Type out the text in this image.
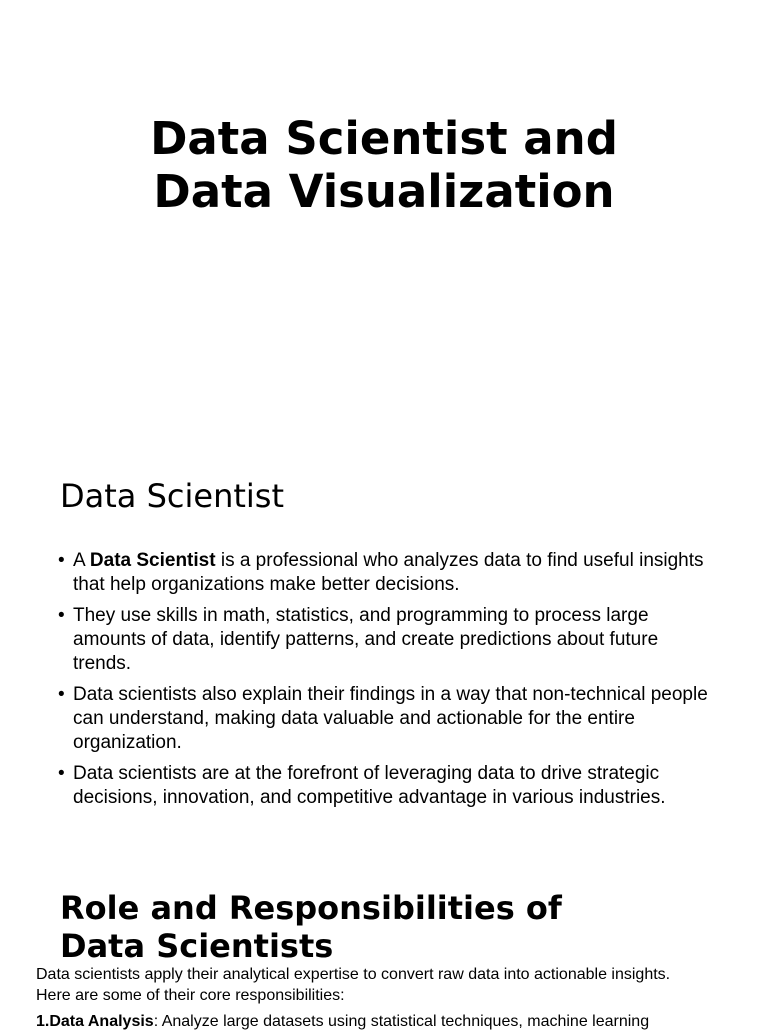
Data Scientist and
Data Visualization
Data Scientist
• A Data Scientist is a professional who analyzes data to find useful insights that help organizations make better decisions.
• They use skills in math, statistics, and programming to process large amounts of data, identify patterns, and create predictions about future trends.
• Data scientists also explain their findings in a way that non-technical people can understand, making data valuable and actionable for the entire organization.
• Data scientists are at the forefront of leveraging data to drive strategic decisions, innovation, and competitive advantage in various industries.
Role and Responsibilities of
Data Scientists

Data scientists apply their analytical expertise to convert raw data into actionable insights.
Here are some of their core responsibilities:

1.Data Analysis: Analyze large datasets using statistical techniques, machine learning
